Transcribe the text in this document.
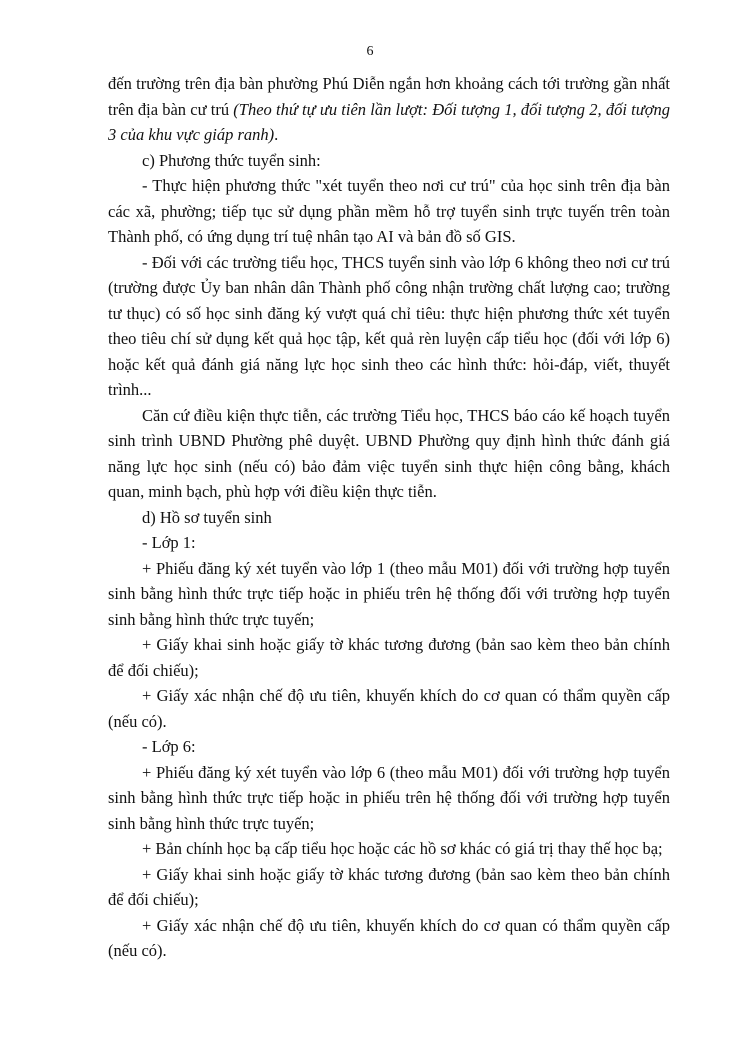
6

đến trường trên địa bàn phường Phú Diễn ngắn hơn khoảng cách tới trường gần nhất trên địa bàn cư trú (Theo thứ tự ưu tiên lần lượt: Đối tượng 1, đối tượng 2, đối tượng 3 của khu vực giáp ranh).

c) Phương thức tuyển sinh:

- Thực hiện phương thức "xét tuyển theo nơi cư trú" của học sinh trên địa bàn các xã, phường; tiếp tục sử dụng phần mềm hỗ trợ tuyển sinh trực tuyến trên toàn Thành phố, có ứng dụng trí tuệ nhân tạo AI và bản đồ số GIS.

- Đối với các trường tiểu học, THCS tuyển sinh vào lớp 6 không theo nơi cư trú (trường được Ủy ban nhân dân Thành phố công nhận trường chất lượng cao; trường tư thục) có số học sinh đăng ký vượt quá chỉ tiêu: thực hiện phương thức xét tuyển theo tiêu chí sử dụng kết quả học tập, kết quả rèn luyện cấp tiểu học (đối với lớp 6) hoặc kết quả đánh giá năng lực học sinh theo các hình thức: hỏi-đáp, viết, thuyết trình...

Căn cứ điều kiện thực tiễn, các trường Tiểu học, THCS báo cáo kế hoạch tuyển sinh trình UBND Phường phê duyệt. UBND Phường quy định hình thức đánh giá năng lực học sinh (nếu có) bảo đảm việc tuyển sinh thực hiện công bằng, khách quan, minh bạch, phù hợp với điều kiện thực tiễn.

d) Hồ sơ tuyển sinh

- Lớp 1:

+ Phiếu đăng ký xét tuyển vào lớp 1 (theo mẫu M01) đối với trường hợp tuyển sinh bằng hình thức trực tiếp hoặc in phiếu trên hệ thống đối với trường hợp tuyển sinh bằng hình thức trực tuyến;

+ Giấy khai sinh hoặc giấy tờ khác tương đương (bản sao kèm theo bản chính để đối chiếu);

+ Giấy xác nhận chế độ ưu tiên, khuyến khích do cơ quan có thẩm quyền cấp (nếu có).

- Lớp 6:

+ Phiếu đăng ký xét tuyển vào lớp 6 (theo mẫu M01) đối với trường hợp tuyển sinh bằng hình thức trực tiếp hoặc in phiếu trên hệ thống đối với trường hợp tuyển sinh bằng hình thức trực tuyến;

+ Bản chính học bạ cấp tiểu học hoặc các hồ sơ khác có giá trị thay thế học bạ;

+ Giấy khai sinh hoặc giấy tờ khác tương đương (bản sao kèm theo bản chính để đối chiếu);

+ Giấy xác nhận chế độ ưu tiên, khuyến khích do cơ quan có thẩm quyền cấp (nếu có).
